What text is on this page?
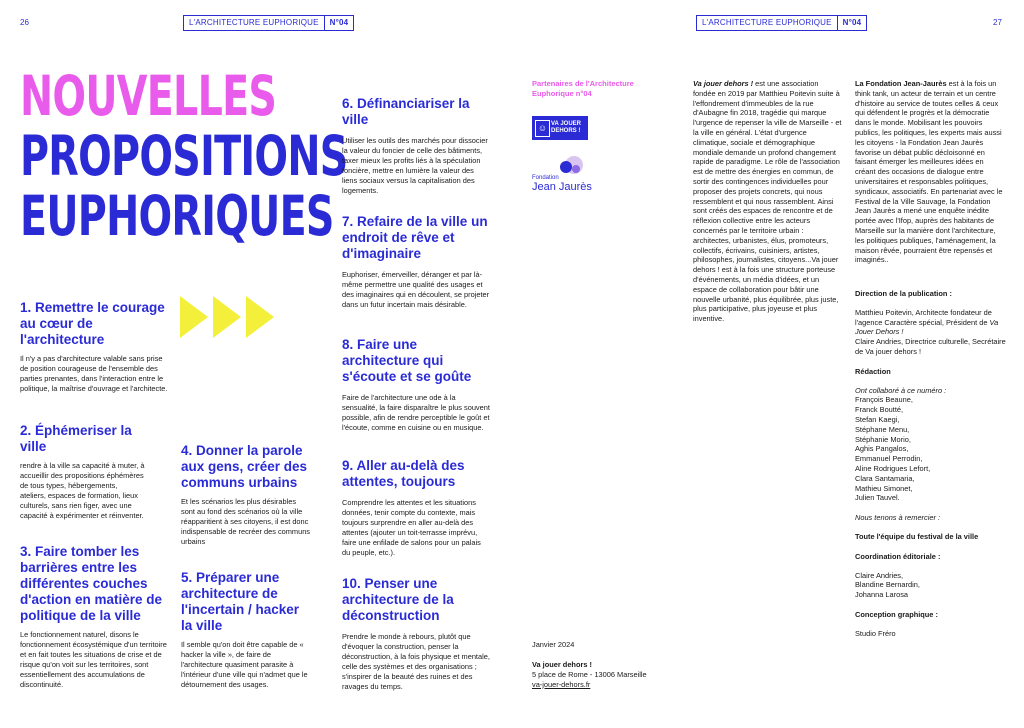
26	27
L'ARCHITECTURE EUPHORIQUE	N°04	L'ARCHITECTURE EUPHORIQUE	N°04
NOUVELLES
PROPOSITIONS
EUPHORIQUES
1. Remettre le courage au cœur de l'architecture
Il n'y a pas d'architecture valable sans prise de position courageuse de l'ensemble des parties prenantes, dans l'interaction entre le politique, la maîtrise d'ouvrage et l'architecte.
2. Éphémeriser la ville
rendre à la ville sa capacité à muter, à accueillir des propositions éphémères de tous types, hébergements, ateliers, espaces de formation, lieux culturels, sans rien figer, avec une capacité à expérimenter et réinventer.
3. Faire tomber les barrières entre les différentes couches d'action en matière de politique de la ville
Le fonctionnement naturel, disons le fonctionnement écosystémique d'un territoire et en fait toutes les situations de crise et de risque qu'on voit sur les territoires, sont essentiellement des accumulations de discontinuité.
4. Donner la parole aux gens, créer des communs urbains
Et les scénarios les plus désirables sont au fond des scénarios où la ville réapparitient à ses citoyens, il est donc indispensable de recréer des communs urbains
5. Préparer une architecture de l'incertain / hacker la ville
Il semble qu'on doit être capable de « hacker la ville », de faire de l'architecture quasiment parasite à l'intérieur d'une ville qui n'admet que le détournement des usages.
6. Définanciariser la ville
Utiliser les outils des marchés pour dissocier la valeur du foncier de celle des bâtiments, taxer mieux les profits liés à la spéculation foncière, mettre en lumière la valeur des liens sociaux versus la capitalisation des logements.
7. Refaire de la ville un endroit de rêve et d'imaginaire
Euphoriser, émerveiller, déranger et par là-même permettre une qualité des usages et des imaginaires qui en découlent, se projeter dans un futur incertain mais désirable.
8. Faire une architecture qui s'écoute et se goûte
Faire de l'architecture une ode à la sensualité, la faire disparaître le plus souvent possible, afin de rendre perceptible le goût et l'écoute, comme en cuisine ou en musique.
9. Aller au-delà des attentes, toujours
Comprendre les attentes et les situations données, tenir compte du contexte, mais toujours surprendre en aller au-delà des attentes (ajouter un toit-terrasse imprévu, faire une enfilade de salons pour un palais du peuple, etc.).
10. Penser une architecture de la déconstruction
Prendre le monde à rebours, plutôt que d'évoquer la construction, penser la déconstruction, à la fois physique et mentale, celle des systèmes et des organisations ; s'inspirer de la beauté des ruines et des ravages du temps.
Partenaires de l'Architecture Euphorique n°04
☺ VA JOUER DEHORS !
Fondation
Jean Jaurès
Janvier 2024
Va jouer dehors !
5 place de Rome - 13006 Marseille
va-jouer-dehors.fr
Va jouer dehors ! est une association fondée en 2019 par Matthieu Poitevin suite à l'effondrement d'immeubles de la rue d'Aubagne fin 2018, tragédie qui marque l'urgence de repenser la ville de Marseille - et la ville en général. L'état d'urgence climatique, sociale et démographique mondiale demande un profond changement rapide de paradigme. Le rôle de l'association est de mettre des énergies en commun, de sortir des contingences individuelles pour proposer des projets concrets, qui nous ressemblent et qui nous rassemblent. Ainsi sont créés des espaces de rencontre et de réflexion collective entre les acteurs concernés par le territoire urbain : architectes, urbanistes, élus, promoteurs, collectifs, écrivains, cuisiniers, artistes, philosophes, journalistes, citoyens...Va jouer dehors ! est à la fois une structure porteuse d'événements, un média d'idées, et un espace de collaboration pour bâtir une nouvelle urbanité, plus équilibrée, plus juste, plus participative, plus joyeuse et plus inventive.
La Fondation Jean-Jaurès est à la fois un think tank, un acteur de terrain et un centre d'histoire au service de toutes celles & ceux qui défendent le progrès et la démocratie dans le monde. Mobilisant les pouvoirs publics, les politiques, les experts mais aussi les citoyens - la Fondation Jean Jaurès favorise un débat public décloisonné en faisant émerger les meilleures idées en créant des occasions de dialogue entre universitaires et responsables politiques, syndicaux, associatifs. En partenariat avec le Festival de la Ville Sauvage, la Fondation Jean Jaurès a mené une enquête inédite portée avec l'Ifop, auprès des habitants de Marseille sur la manière dont l'architecture, les politiques publiques, l'aménagement, la maison rêvée, pourraient être repensés et imaginés..
Direction de la publication :
Matthieu Poitevin, Architecte fondateur de l'agence Caractère spécial, Président de Va Jouer Dehors !
Claire Andries, Directrice culturelle, Secrétaire de Va jouer dehors !
Rédaction
Ont collaboré à ce numéro :
François Beaune,
Franck Boutté,
Stefan Kaegi,
Stéphane Menu,
Stéphanie Morio,
Aghis Pangalos,
Emmanuel Perrodin,
Aline Rodrigues Lefort,
Clara Santamaria,
Mathieu Simonet,
Julien Tauvel.
Nous tenons à remercier :
Toute l'équipe du festival de la ville
Coordination éditoriale :
Claire Andries,
Blandine Bernardin,
Johanna Larosa
Conception graphique :
Studio Fréro
